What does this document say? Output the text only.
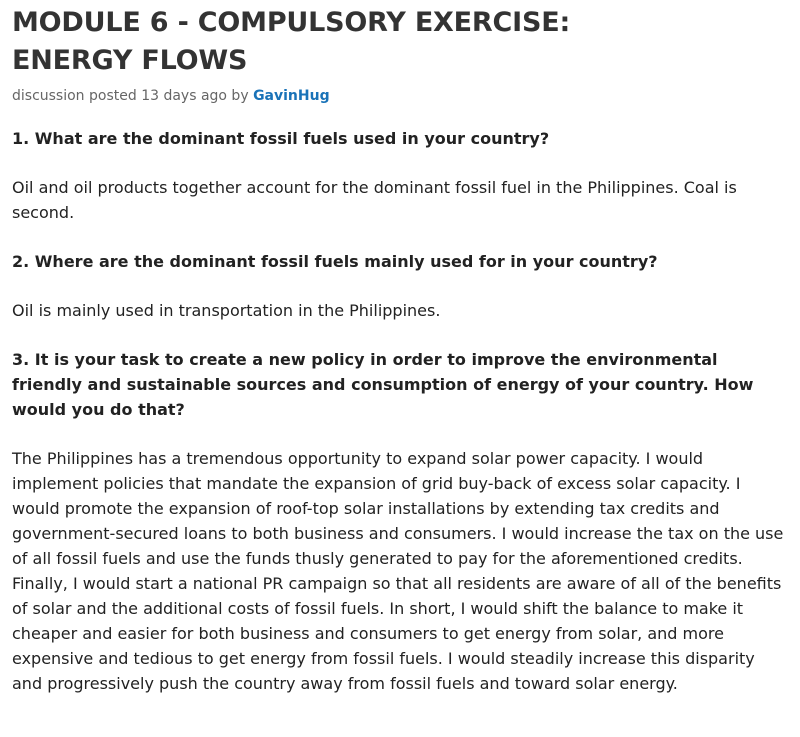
MODULE 6 - COMPULSORY EXERCISE:
ENERGY FLOWS
discussion posted 13 days ago by GavinHug

1. What are the dominant fossil fuels used in your country?

Oil and oil products together account for the dominant fossil fuel in the Philippines. Coal is second.

2. Where are the dominant fossil fuels mainly used for in your country?

Oil is mainly used in transportation in the Philippines.

3. It is your task to create a new policy in order to improve the environmental friendly and sustainable sources and consumption of energy of your country. How would you do that?

The Philippines has a tremendous opportunity to expand solar power capacity. I would implement policies that mandate the expansion of grid buy-back of excess solar capacity. I would promote the expansion of roof-top solar installations by extending tax credits and government-secured loans to both business and consumers. I would increase the tax on the use of all fossil fuels and use the funds thusly generated to pay for the aforementioned credits. Finally, I would start a national PR campaign so that all residents are aware of all of the benefits of solar and the additional costs of fossil fuels. In short, I would shift the balance to make it cheaper and easier for both business and consumers to get energy from solar, and more expensive and tedious to get energy from fossil fuels. I would steadily increase this disparity and progressively push the country away from fossil fuels and toward solar energy.
